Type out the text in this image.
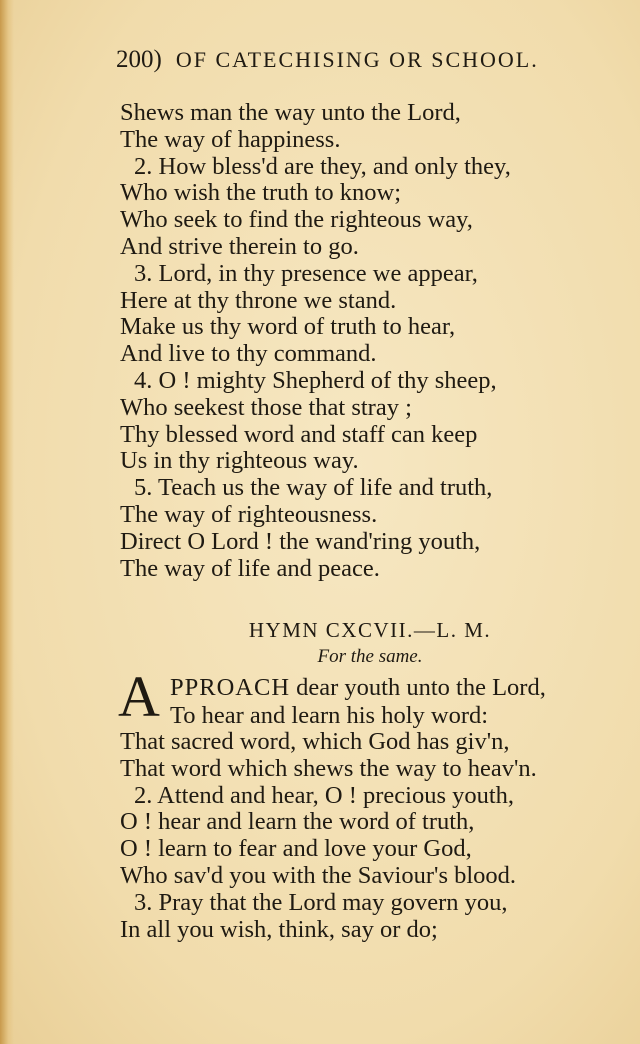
200) OF CATECHISING OR SCHOOL.
Shews man the way unto the Lord,
The way of happiness.
2. How bless'd are they, and only they,
Who wish the truth to know;
Who seek to find the righteous way,
And strive therein to go.
3. Lord, in thy presence we appear,
Here at thy throne we stand.
Make us thy word of truth to hear,
And live to thy command.
4. O ! mighty Shepherd of thy sheep,
Who seekest those that stray ;
Thy blessed word and staff can keep
Us in thy righteous way.
5. Teach us the way of life and truth,
The way of righteousness.
Direct O Lord ! the wand'ring youth,
The way of life and peace.
HYMN CXCVII.—L. M.
For the same.
A PPROACH dear youth unto the Lord,
To hear and learn his holy word:
That sacred word, which God has giv'n,
That word which shews the way to heav'n.
2. Attend and hear, O ! precious youth,
O ! hear and learn the word of truth,
O ! learn to fear and love your God,
Who sav'd you with the Saviour's blood.
3. Pray that the Lord may govern you,
In all you wish, think, say or do;
